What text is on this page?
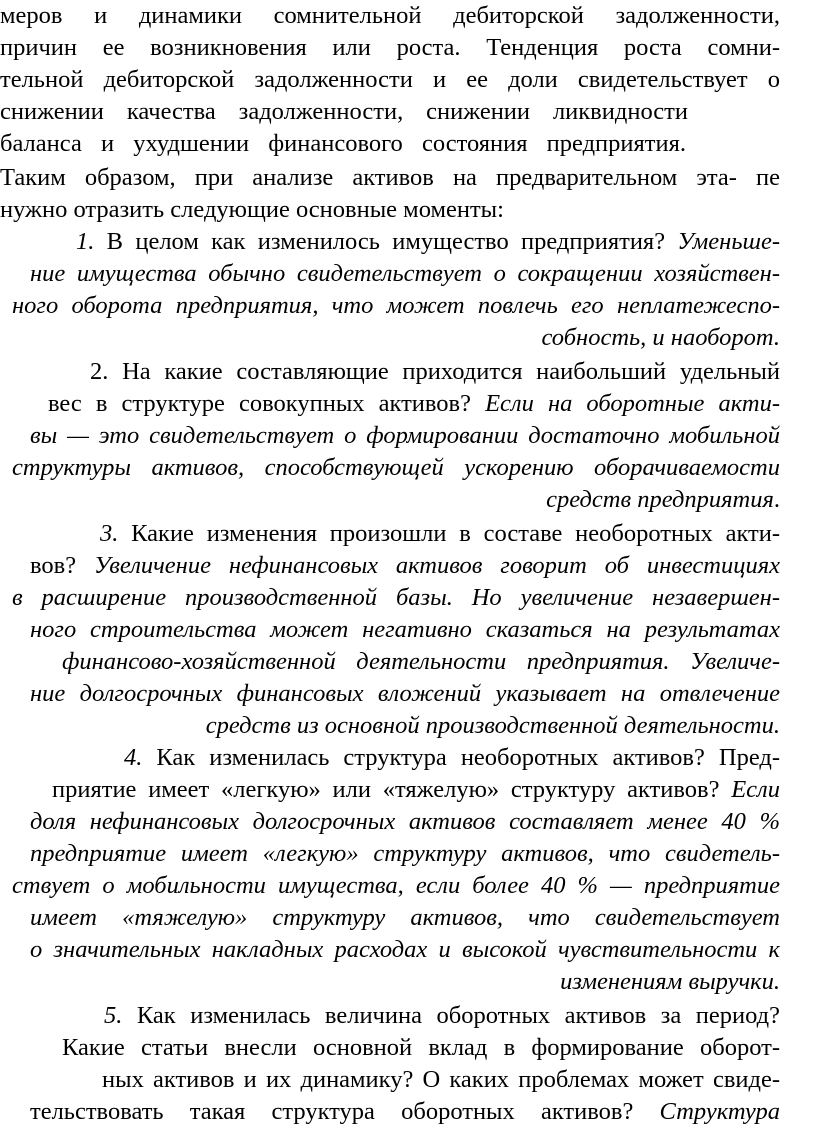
меров и динамики сомнительной дебиторской задолженности,
причин ее возникновения или роста. Тенденция роста сомни-
тельной дебиторской задолженности и ее доли свидетельствует о
снижении качества задолженности, снижении ликвидности
баланса и ухудшении финансового состояния предприятия.
Таким образом, при анализе активов на предварительном эта- пе
нужно отразить следующие основные моменты:
1. В целом как изменилось имущество предприятия? Уменьше-
ние имущества обычно свидетельствует о сокращении хозяйствен-
ного оборота предприятия, что может повлечь его неплатежеспо-
собность, и наоборот.
2. На какие составляющие приходится наибольший удельный
вес в структуре совокупных активов? Если на оборотные акти-
вы — это свидетельствует о формировании достаточно мобильной
структуры активов, способствующей ускорению оборачиваемости
средств предприятия.
3. Какие изменения произошли в составе необоротных акти-
вов? Увеличение нефинансовых активов говорит об инвестициях
в расширение производственной базы. Но увеличение незавершен-
ного строительства может негативно сказаться на результатах
финансово-хозяйственной деятельности предприятия. Увеличе-
ние долгосрочных финансовых вложений указывает на отвлечение
средств из основной производственной деятельности.
4. Как изменилась структура необоротных активов? Пред-
приятие имеет «легкую» или «тяжелую» структуру активов? Если
доля нефинансовых долгосрочных активов составляет менее 40 %
предприятие имеет «легкую» структуру активов, что свидетель-
ствует о мобильности имущества, если более 40 % — предприятие
имеет «тяжелую» структуру активов, что свидетельствует
о значительных накладных расходах и высокой чувствительности к
изменениям выручки.
5. Как изменилась величина оборотных активов за период?
Какие статьи внесли основной вклад в формирование оборот-
ных активов и их динамику? О каких проблемах может свиде-
тельствовать такая структура оборотных активов? Структура
